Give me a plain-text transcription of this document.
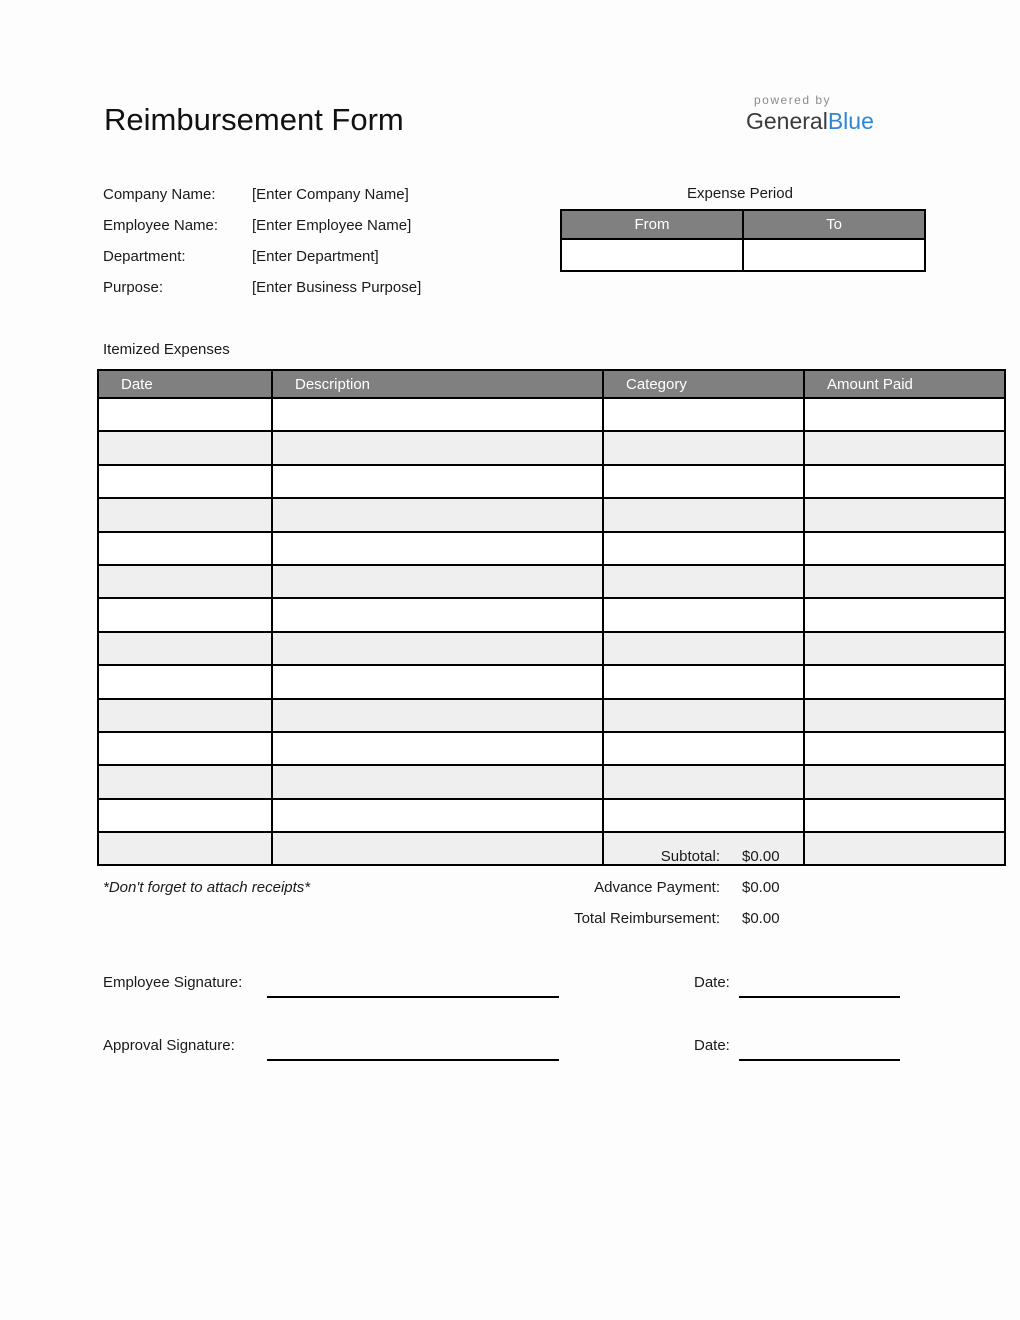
Reimbursement Form
powered by
GeneralBlue
Company Name:	[Enter Company Name]
Employee Name:	[Enter Employee Name]
Department:	[Enter Department]
Purpose:	[Enter Business Purpose]
Expense Period
From	To

Itemized Expenses
Date	Description	Category	Amount Paid

Subtotal: $0.00
Advance Payment: $0.00
Total Reimbursement: $0.00
*Don't forget to attach receipts*
Employee Signature:	Date:
Approval Signature:	Date:
